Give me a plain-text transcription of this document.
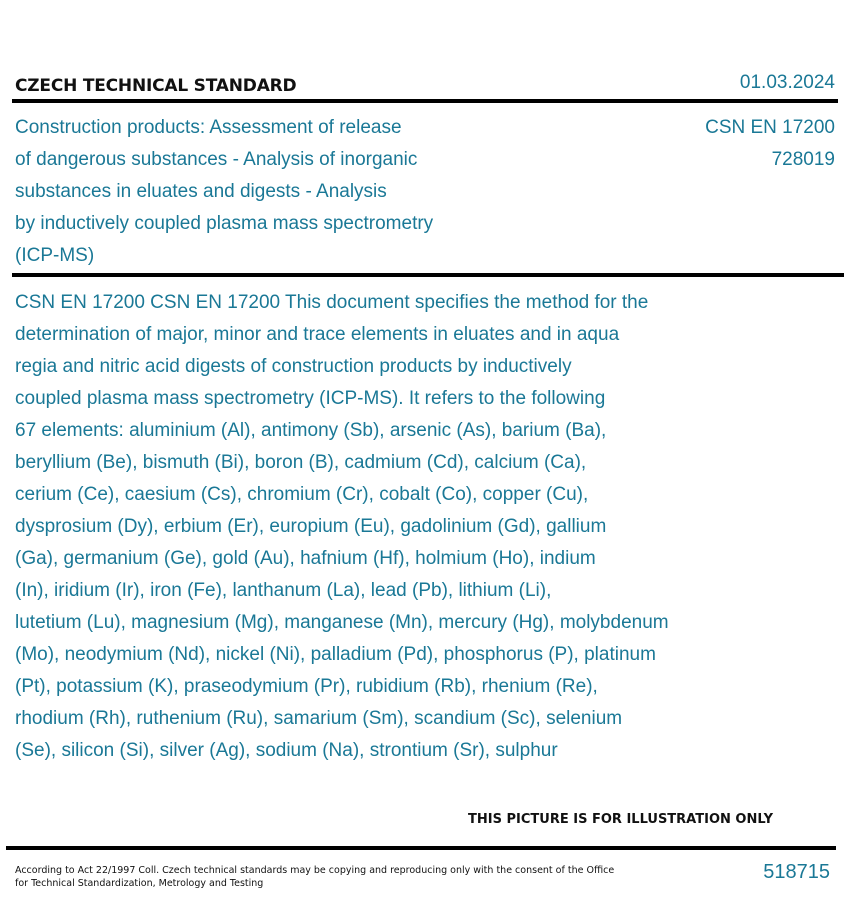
CZECH TECHNICAL STANDARD	01.03.2024
Construction products: Assessment of release
of dangerous substances - Analysis of inorganic
substances in eluates and digests - Analysis
by inductively coupled plasma mass spectrometry
(ICP-MS)
CSN EN 17200
728019
CSN EN 17200 CSN EN 17200 This document specifies the method for the
determination of major, minor and trace elements in eluates and in aqua
regia and nitric acid digests of construction products by inductively
coupled plasma mass spectrometry (ICP-MS). It refers to the following
67 elements: aluminium (Al), antimony (Sb), arsenic (As), barium (Ba),
beryllium (Be), bismuth (Bi), boron (B), cadmium (Cd), calcium (Ca),
cerium (Ce), caesium (Cs), chromium (Cr), cobalt (Co), copper (Cu),
dysprosium (Dy), erbium (Er), europium (Eu), gadolinium (Gd), gallium
(Ga), germanium (Ge), gold (Au), hafnium (Hf), holmium (Ho), indium
(In), iridium (Ir), iron (Fe), lanthanum (La), lead (Pb), lithium (Li),
lutetium (Lu), magnesium (Mg), manganese (Mn), mercury (Hg), molybdenum
(Mo), neodymium (Nd), nickel (Ni), palladium (Pd), phosphorus (P), platinum
(Pt), potassium (K), praseodymium (Pr), rubidium (Rb), rhenium (Re),
rhodium (Rh), ruthenium (Ru), samarium (Sm), scandium (Sc), selenium
(Se), silicon (Si), silver (Ag), sodium (Na), strontium (Sr), sulphur
THIS PICTURE IS FOR ILLUSTRATION ONLY
According to Act 22/1997 Coll. Czech technical standards may be copying and reproducing only with the consent of the Office
for Technical Standardization, Metrology and Testing
518715
